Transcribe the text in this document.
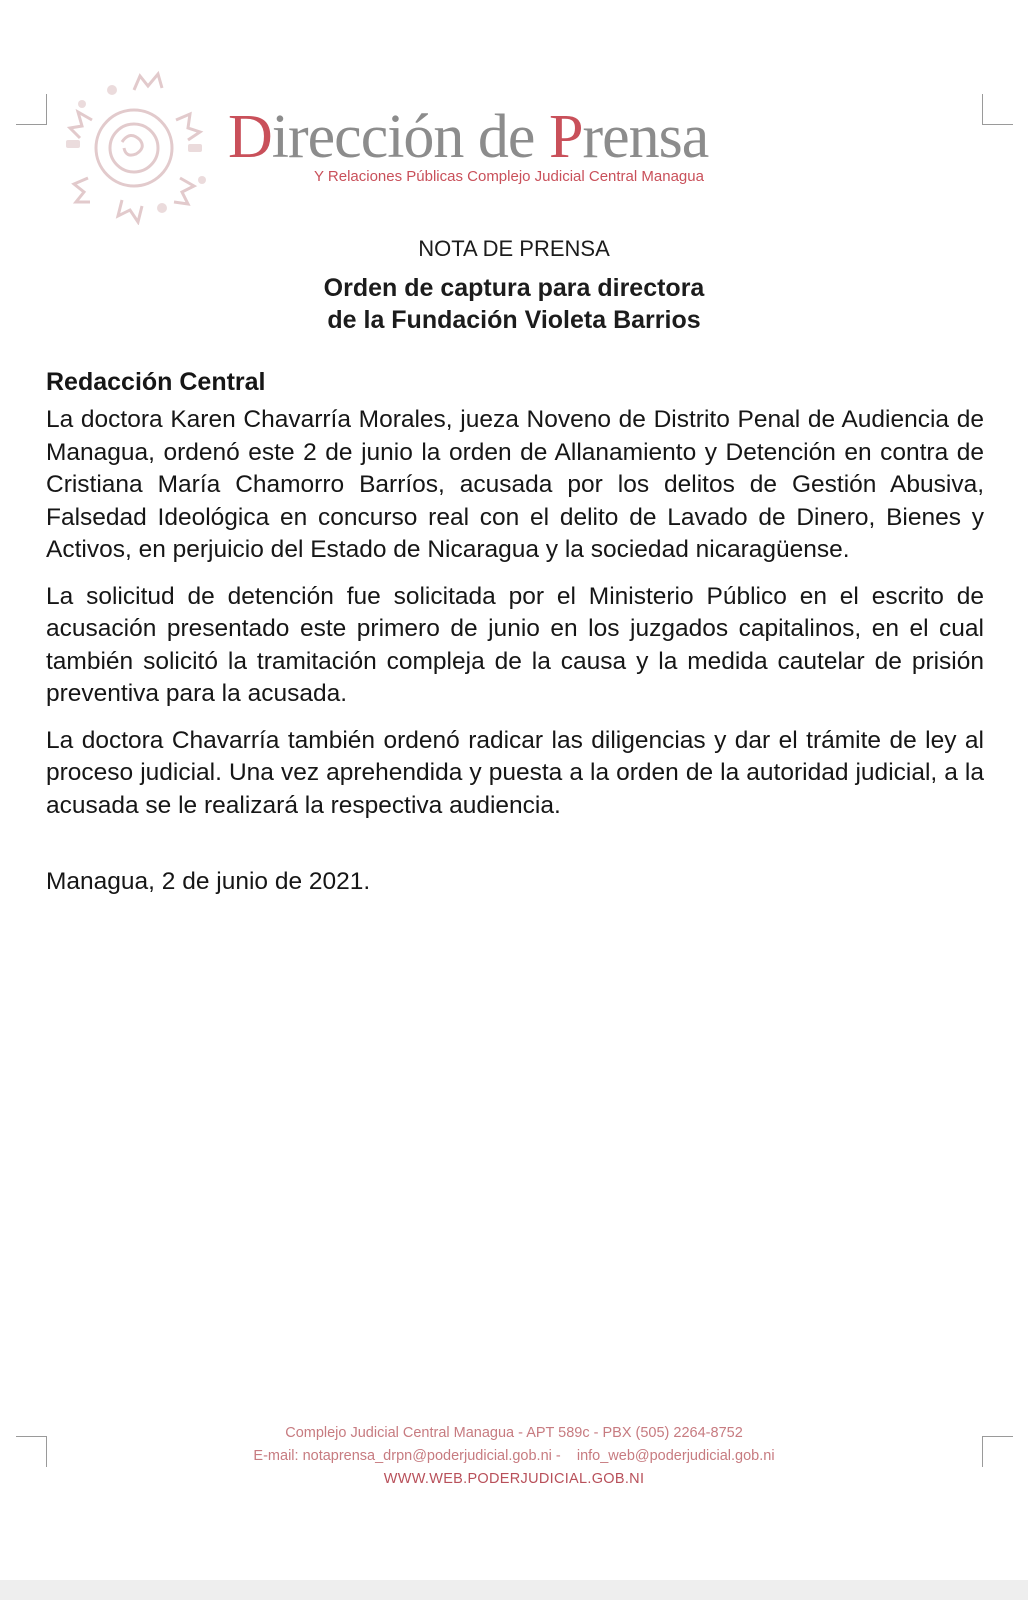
Dirección de Prensa
Y Relaciones Públicas Complejo Judicial Central Managua
NOTA DE PRENSA
Orden de captura para directora
de la Fundación Violeta Barrios
Redacción Central

La doctora Karen Chavarría Morales, jueza Noveno de Distrito Penal de Audiencia de Managua, ordenó este 2 de junio la orden de Allanamiento y Detención en contra de Cristiana María Chamorro Barríos, acusada por los delitos de Gestión Abusiva, Falsedad Ideológica en concurso real con el delito de Lavado de Dinero, Bienes y Activos, en perjuicio del Estado de Nicaragua y la sociedad nicaragüense.

La solicitud de detención fue solicitada por el Ministerio Público en el escrito de acusación presentado este primero de junio en los juzgados capitalinos, en el cual también solicitó la tramitación compleja de la causa y la medida cautelar de prisión preventiva para la acusada.

La doctora Chavarría también ordenó radicar las diligencias y dar el trámite de ley al proceso judicial. Una vez aprehendida y puesta a la orden de la autoridad judicial, a la acusada se le realizará la respectiva audiencia.

Managua, 2 de junio de 2021.
Complejo Judicial Central Managua - APT 589c - PBX (505) 2264-8752
E-mail: notaprensa_drpn@poderjudicial.gob.ni -    info_web@poderjudicial.gob.ni
WWW.WEB.PODERJUDICIAL.GOB.NI
